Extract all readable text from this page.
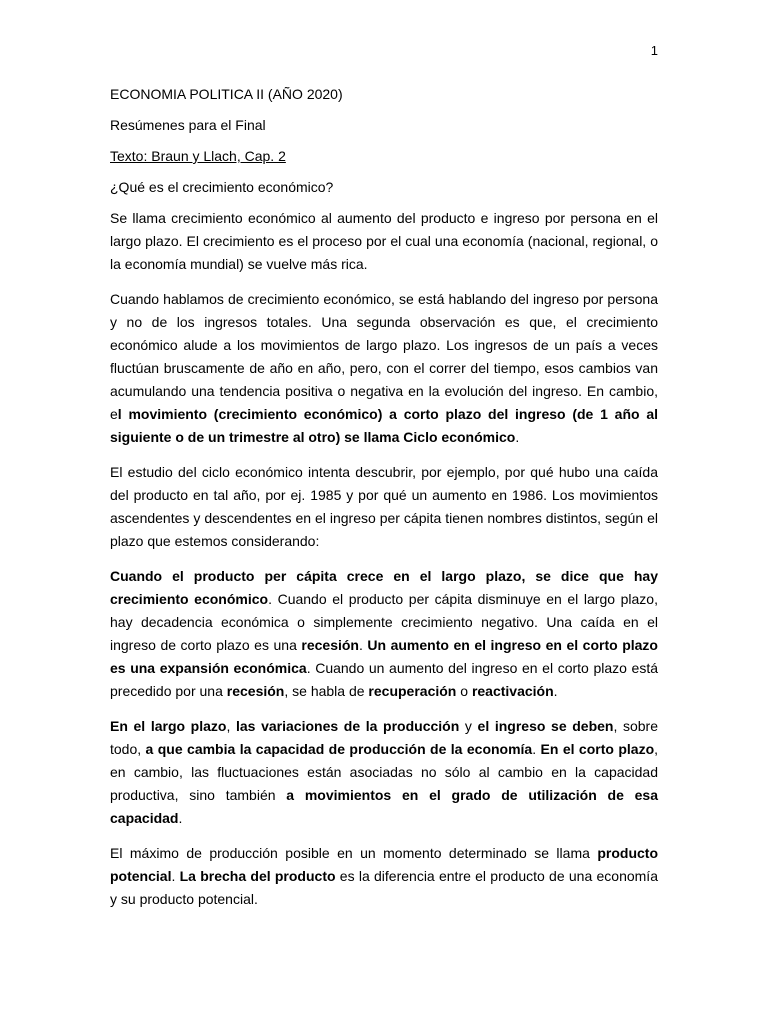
1
ECONOMIA POLITICA II (AÑO 2020)
Resúmenes para el Final
Texto: Braun y Llach, Cap. 2
¿Qué es el crecimiento económico?

Se llama crecimiento económico al aumento del producto e ingreso por persona en el largo plazo. El crecimiento es el proceso por el cual una economía (nacional, regional, o la economía mundial) se vuelve más rica.

Cuando hablamos de crecimiento económico, se está hablando del ingreso por persona y no de los ingresos totales. Una segunda observación es que, el crecimiento económico alude a los movimientos de largo plazo. Los ingresos de un país a veces fluctúan bruscamente de año en año, pero, con el correr del tiempo, esos cambios van acumulando una tendencia positiva o negativa en la evolución del ingreso. En cambio, el movimiento (crecimiento económico) a corto plazo del ingreso (de 1 año al siguiente o de un trimestre al otro) se llama Ciclo económico.

El estudio del ciclo económico intenta descubrir, por ejemplo, por qué hubo una caída del producto en tal año, por ej. 1985 y por qué un aumento en 1986. Los movimientos ascendentes y descendentes en el ingreso per cápita tienen nombres distintos, según el plazo que estemos considerando:

Cuando el producto per cápita crece en el largo plazo, se dice que hay crecimiento económico. Cuando el producto per cápita disminuye en el largo plazo, hay decadencia económica o simplemente crecimiento negativo. Una caída en el ingreso de corto plazo es una recesión. Un aumento en el ingreso en el corto plazo es una expansión económica. Cuando un aumento del ingreso en el corto plazo está precedido por una recesión, se habla de recuperación o reactivación.

En el largo plazo, las variaciones de la producción y el ingreso se deben, sobre todo, a que cambia la capacidad de producción de la economía. En el corto plazo, en cambio, las fluctuaciones están asociadas no sólo al cambio en la capacidad productiva, sino también a movimientos en el grado de utilización de esa capacidad.

El máximo de producción posible en un momento determinado se llama producto potencial. La brecha del producto es la diferencia entre el producto de una economía y su producto potencial.
